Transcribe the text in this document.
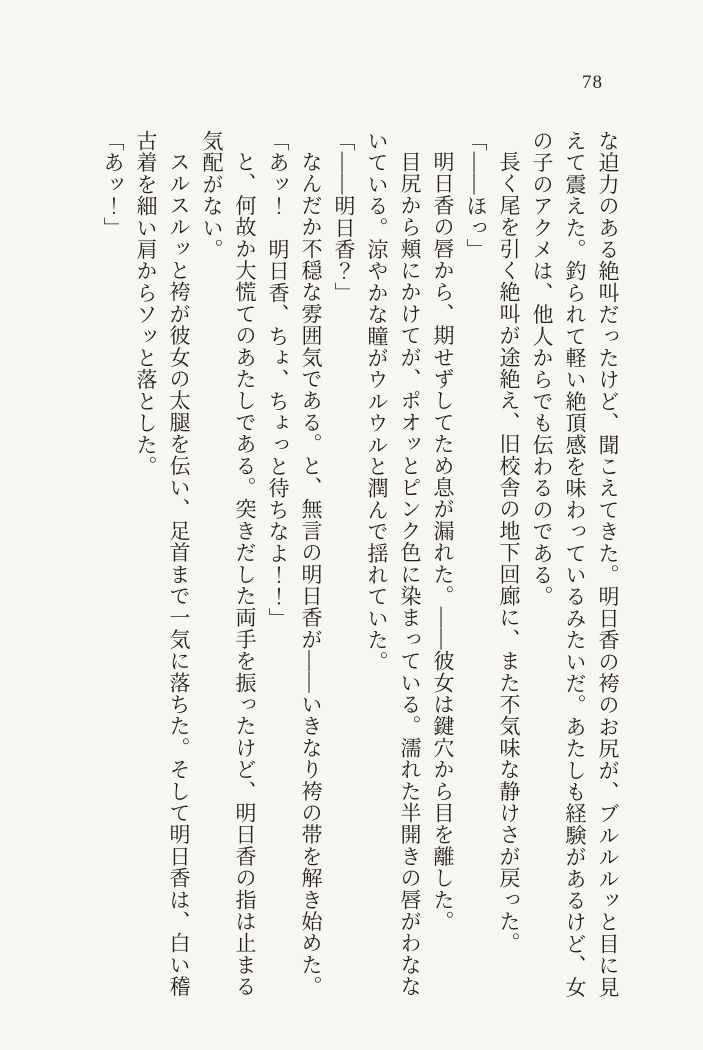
78

な迫力のある絶叫だったけど、聞こえてきた。明日香の袴のお尻が、ブルルルッと目に見えて震えた。釣られて軽い絶頂感を味わっているみたいだ。あたしも経験があるけど、女の子のアクメは、他人からでも伝わるのである。

長く尾を引く絶叫が途絶え、旧校舎の地下回廊に、また不気味な静けさが戻った。

「――ほっ」

明日香の唇から、期せずしてため息が漏れた。――彼女は鍵穴から目を離した。

目尻から頬にかけてが、ポオッとピンク色に染まっている。濡れた半開きの唇がわなないている。涼やかな瞳がウルウルと潤んで揺れていた。

「――明日香？」

なんだか不穏な雰囲気である。と、無言の明日香が――いきなり袴の帯を解き始めた。

「あッ！　明日香、ちょ、ちょっと待ちなよ！！」

と、何故か大慌てのあたしである。突きだした両手を振ったけど、明日香の指は止まる気配がない。

スルスルッと袴が彼女の太腿を伝い、足首まで一気に落ちた。そして明日香は、白い稽古着を細い肩からソッと落とした。

「あッ！」
